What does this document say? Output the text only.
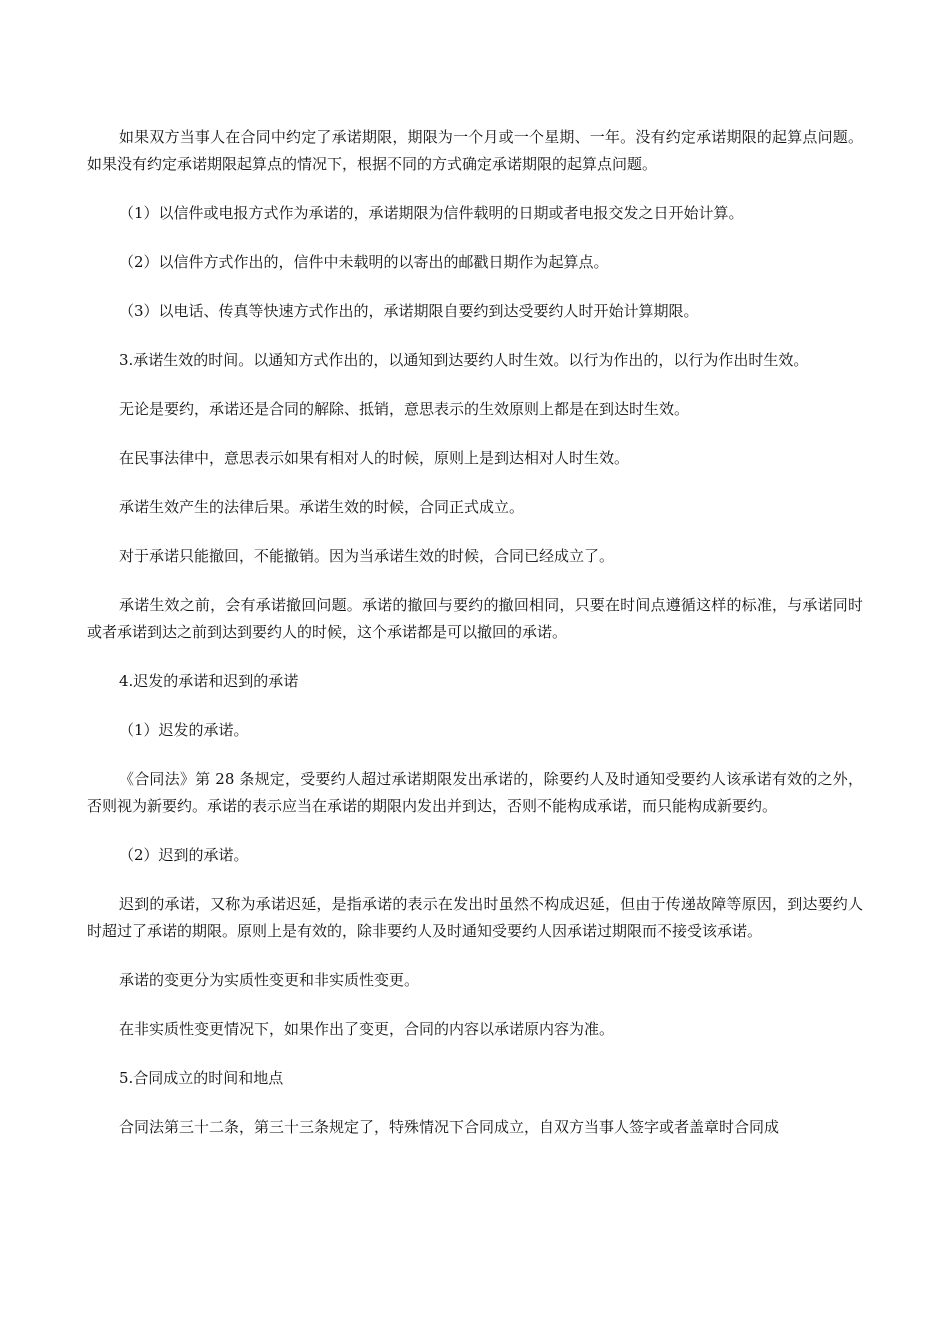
如果双方当事人在合同中约定了承诺期限，期限为一个月或一个星期、一年。没有约定承诺期限的起算点问题。如果没有约定承诺期限起算点的情况下，根据不同的方式确定承诺期限的起算点问题。

（1）以信件或电报方式作为承诺的，承诺期限为信件载明的日期或者电报交发之日开始计算。

（2）以信件方式作出的，信件中未载明的以寄出的邮戳日期作为起算点。

（3）以电话、传真等快速方式作出的，承诺期限自要约到达受要约人时开始计算期限。

3.承诺生效的时间。以通知方式作出的，以通知到达要约人时生效。以行为作出的，以行为作出时生效。

无论是要约，承诺还是合同的解除、抵销，意思表示的生效原则上都是在到达时生效。

在民事法律中，意思表示如果有相对人的时候，原则上是到达相对人时生效。

承诺生效产生的法律后果。承诺生效的时候，合同正式成立。

对于承诺只能撤回，不能撤销。因为当承诺生效的时候，合同已经成立了。

承诺生效之前，会有承诺撤回问题。承诺的撤回与要约的撤回相同，只要在时间点遵循这样的标准，与承诺同时或者承诺到达之前到达到要约人的时候，这个承诺都是可以撤回的承诺。

4.迟发的承诺和迟到的承诺

（1）迟发的承诺。

《合同法》第 28 条规定，受要约人超过承诺期限发出承诺的，除要约人及时通知受要约人该承诺有效的之外，否则视为新要约。承诺的表示应当在承诺的期限内发出并到达，否则不能构成承诺，而只能构成新要约。

（2）迟到的承诺。

迟到的承诺，又称为承诺迟延，是指承诺的表示在发出时虽然不构成迟延，但由于传递故障等原因，到达要约人时超过了承诺的期限。原则上是有效的，除非要约人及时通知受要约人因承诺过期限而不接受该承诺。

承诺的变更分为实质性变更和非实质性变更。

在非实质性变更情况下，如果作出了变更，合同的内容以承诺原内容为准。

5.合同成立的时间和地点

合同法第三十二条，第三十三条规定了，特殊情况下合同成立，自双方当事人签字或者盖章时合同成
